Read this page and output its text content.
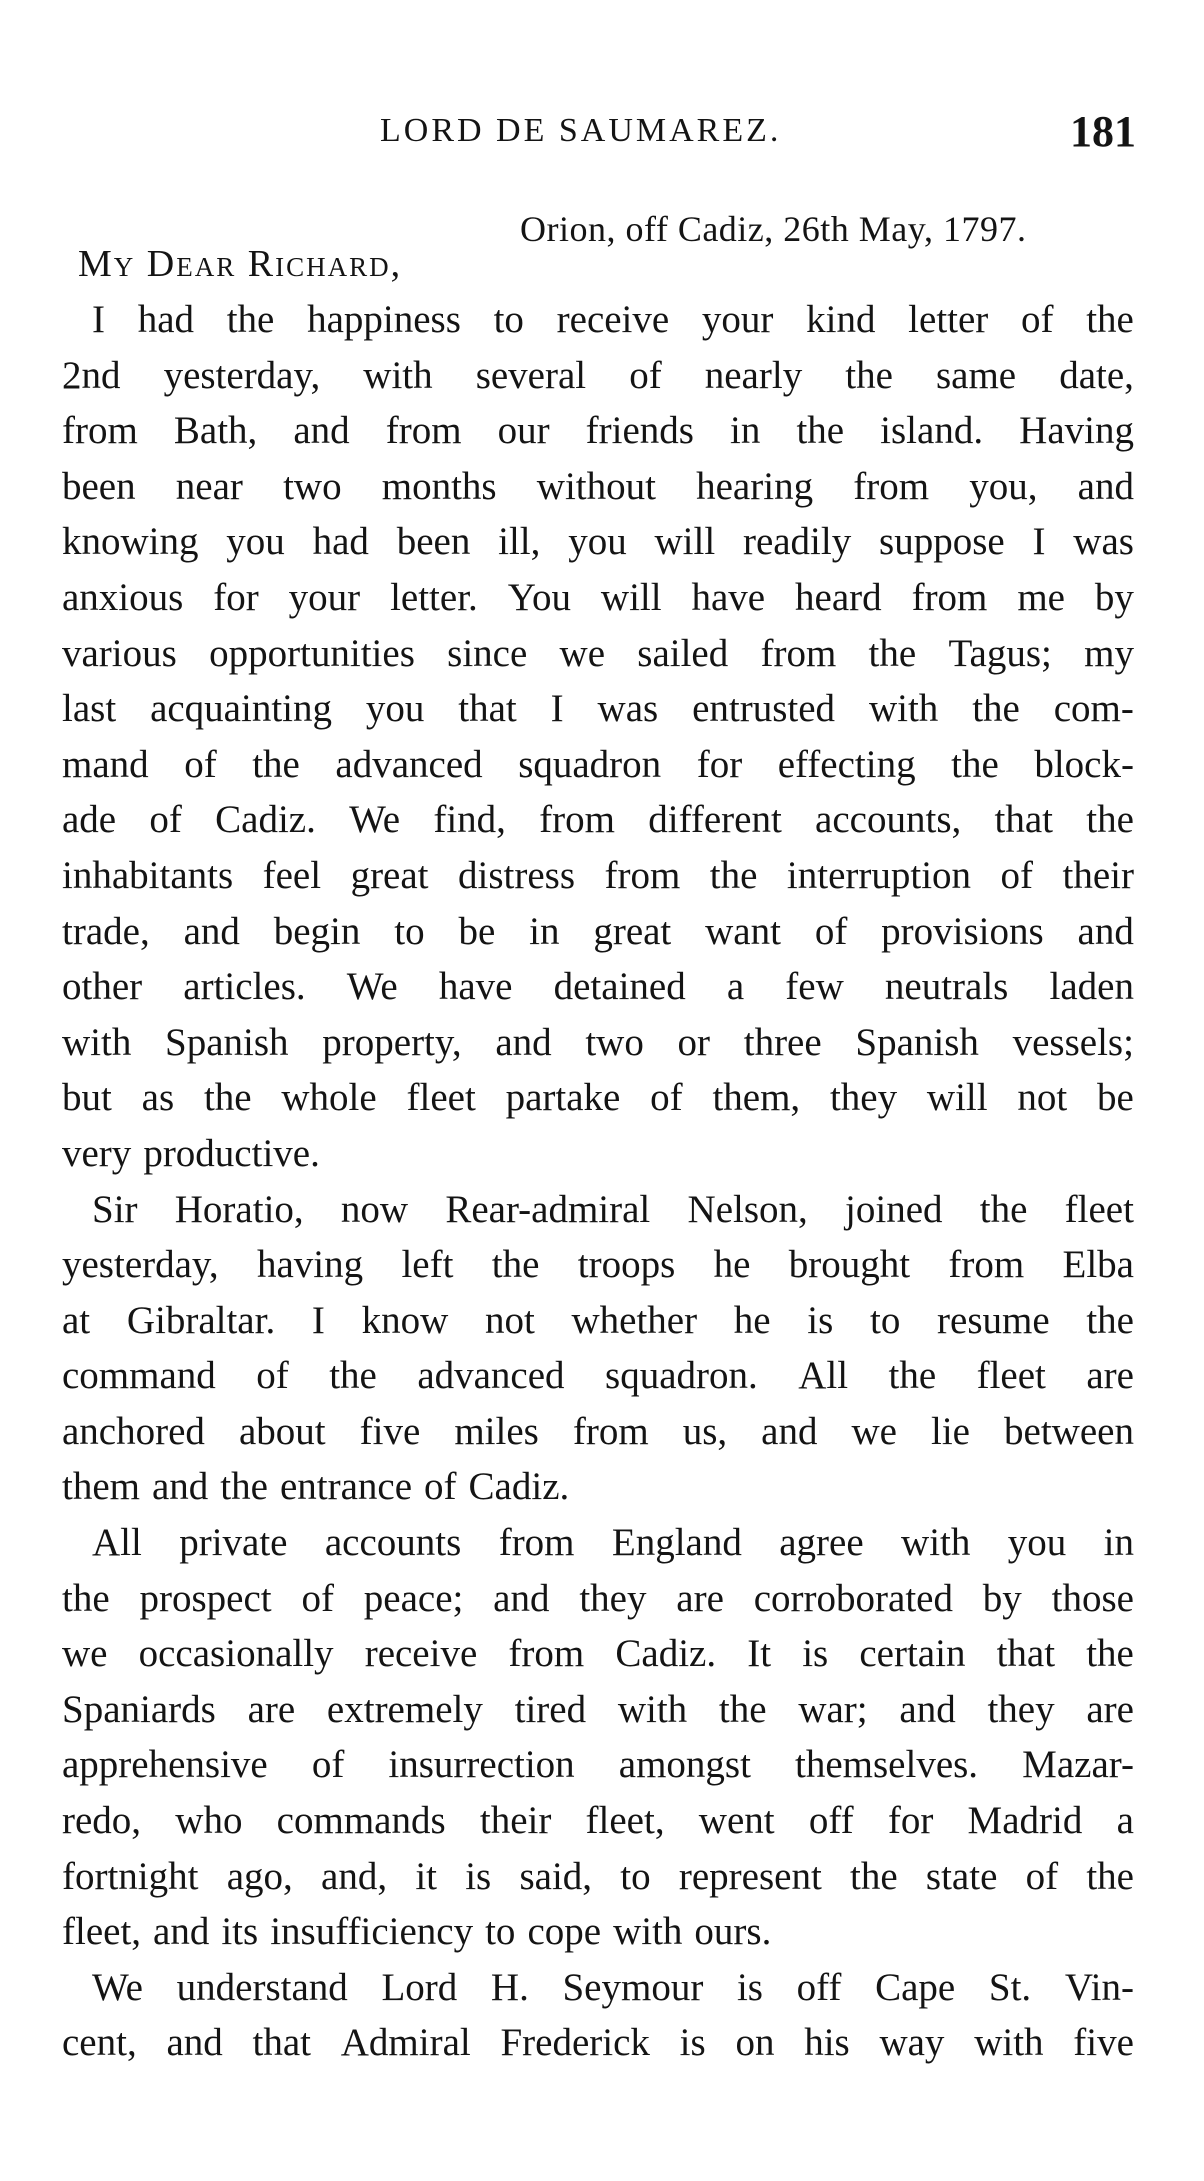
LORD DE SAUMAREZ.	181
Orion, off Cadiz, 26th May, 1797.
My Dear Richard,
I had the happiness to receive your kind letter of the
2nd yesterday, with several of nearly the same date,
from Bath, and from our friends in the island. Having
been near two months without hearing from you, and
knowing you had been ill, you will readily suppose I was
anxious for your letter. You will have heard from me by
various opportunities since we sailed from the Tagus; my
last acquainting you that I was entrusted with the com-
mand of the advanced squadron for effecting the block-
ade of Cadiz. We find, from different accounts, that the
inhabitants feel great distress from the interruption of their
trade, and begin to be in great want of provisions and
other articles. We have detained a few neutrals laden
with Spanish property, and two or three Spanish vessels;
but as the whole fleet partake of them, they will not be
very productive.
Sir Horatio, now Rear-admiral Nelson, joined the fleet
yesterday, having left the troops he brought from Elba
at Gibraltar. I know not whether he is to resume the
command of the advanced squadron. All the fleet are
anchored about five miles from us, and we lie between
them and the entrance of Cadiz.
All private accounts from England agree with you in
the prospect of peace; and they are corroborated by those
we occasionally receive from Cadiz. It is certain that the
Spaniards are extremely tired with the war; and they are
apprehensive of insurrection amongst themselves. Mazar-
redo, who commands their fleet, went off for Madrid a
fortnight ago, and, it is said, to represent the state of the
fleet, and its insufficiency to cope with ours.
We understand Lord H. Seymour is off Cape St. Vin-
cent, and that Admiral Frederick is on his way with five
